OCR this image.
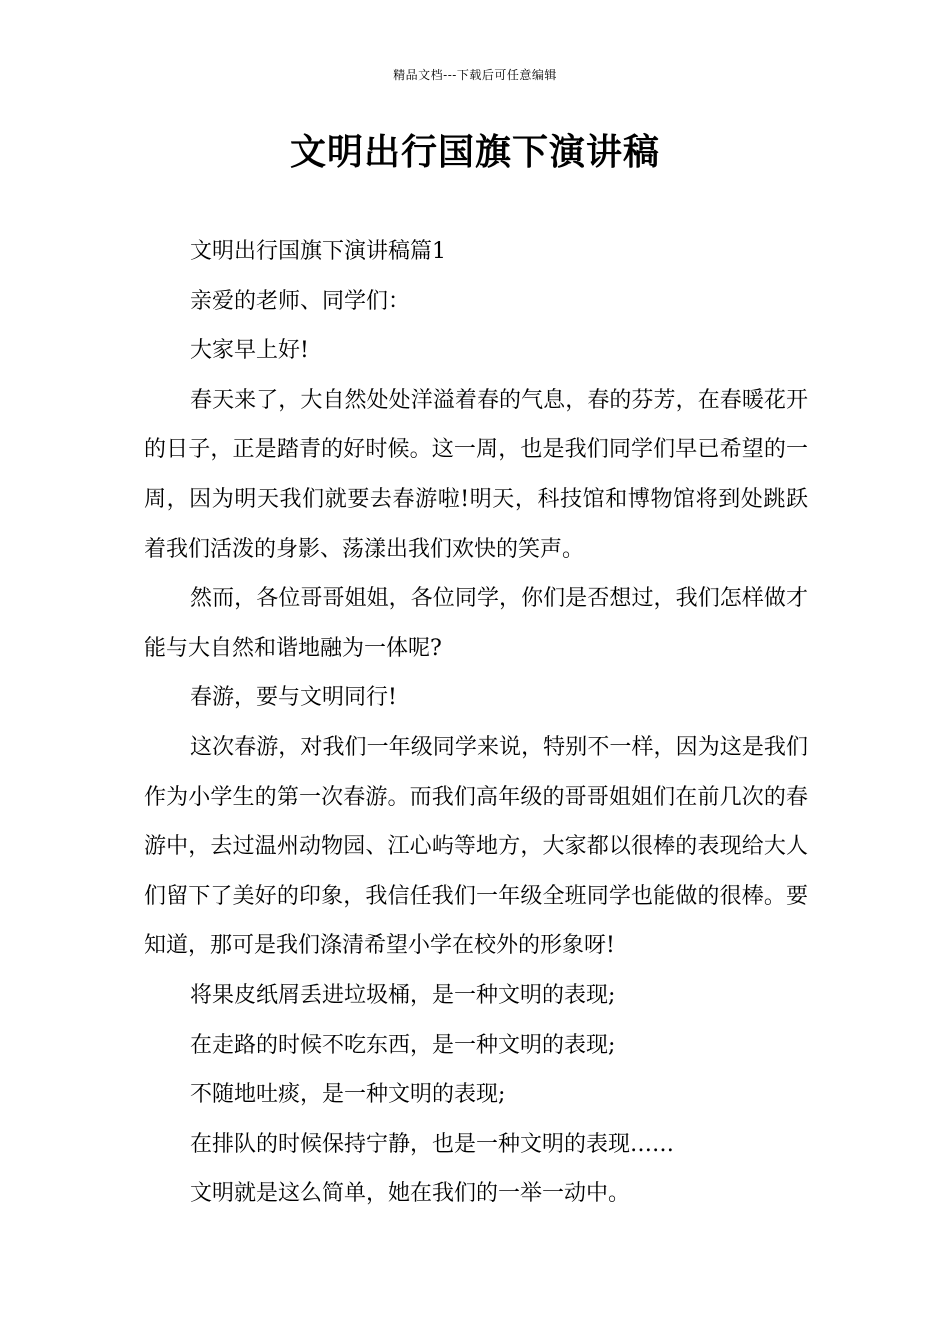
精品文档---下载后可任意编辑
文明出行国旗下演讲稿

文明出行国旗下演讲稿篇1

亲爱的老师、同学们：

大家早上好!

春天来了，大自然处处洋溢着春的气息，春的芬芳，在春暖花开的日子，正是踏青的好时候。这一周，也是我们同学们早已希望的一周，因为明天我们就要去春游啦!明天，科技馆和博物馆将到处跳跃着我们活泼的身影、荡漾出我们欢快的笑声。

然而，各位哥哥姐姐，各位同学，你们是否想过，我们怎样做才能与大自然和谐地融为一体呢?

春游，要与文明同行!

这次春游，对我们一年级同学来说，特别不一样，因为这是我们作为小学生的第一次春游。而我们高年级的哥哥姐姐们在前几次的春游中，去过温州动物园、江心屿等地方，大家都以很棒的表现给大人们留下了美好的印象，我信任我们一年级全班同学也能做的很棒。要知道，那可是我们涤清希望小学在校外的形象呀!

将果皮纸屑丢进垃圾桶，是一种文明的表现;

在走路的时候不吃东西，是一种文明的表现;

不随地吐痰，是一种文明的表现;

在排队的时候保持宁静，也是一种文明的表现……

文明就是这么简单，她在我们的一举一动中。
